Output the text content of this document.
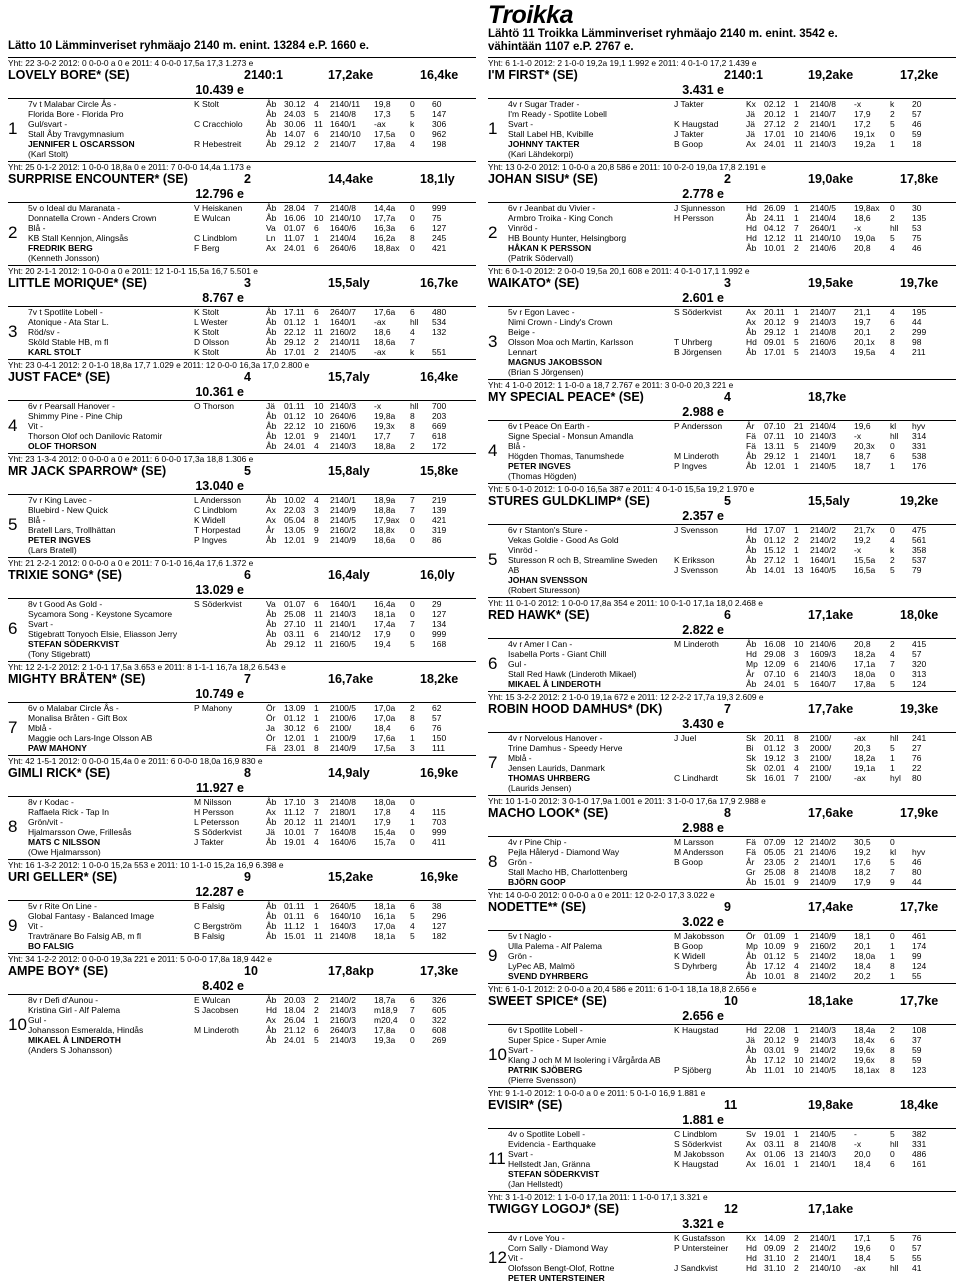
Lätto 10 Lämminveriset ryhmäajo 2140 m. enint. 13284 e.P. 1660 e.
Yht: 22 3-0-2 2012: 0 0-0-0 a 0 e 2011: 4 0-0-0 17,5a 17,3 1.273 e
LOVELY BORE* (SE)	2140:1	17,2ake	16,4ke
10.439 e
1
7v t Malabar Circle Ås -
Florida Bore - Florida Pro
Gul/svart -
Stall Åby Travgymnasium
JENNIFER L OSCARSSON
(Karl Stolt)
K Stolt	Åb 30.12	4	2140/11	19,8	0	60
Åb 24.03	5	2140/8	17,3	5	147
C Cracchiolo	Åb 30.06	11 1640/1	-ax	k	306
Åb 14.07	6	2140/10	17,5a	0	962
R Hebestreit	Åb 29.12	2	2140/7	17,8a	4	198
Yht: 25 0-1-2 2012: 1 0-0-0 18,8a 0 e 2011: 7 0-0-0 14,4a 1.173 e
SURPRISE ENCOUNTER* (SE)	2	14,4ake	18,1ly
12.796 e
2
5v o Ideal du Maranata -
Donnatella Crown - Anders Crown
Blå -
KB Stall Kennjon, Alingsås
FREDRIK BERG
(Kenneth Jonsson)
V Heiskanen	Åb 28.04	7	2140/8	14,4a	0	999
E Wulcan	Åb 16.06	10 2140/10	17,7a	0	75
Va 01.07	6	1640/6	16,3a	6	127
C Lindblom	Ln	11.07	1	2140/4	16,2a	8	245
F Berg	Ax 24.01	6	2640/6	18,8ax	0	421
Yht: 20 2-1-1 2012: 1 0-0-0 a 0 e 2011: 12 1-0-1 15,5a 16,7 5.501 e
LITTLE MORIQUE* (SE)	3	15,5aly	16,7ke
8.767 e
3
7v t Spotlite Lobell -
Atonique - Ata Star L.
Röd/sv -
Sköld Stable HB, m fl
KARL STOLT
K Stolt	Åb 17.11	6	2640/7	17,6a	6	480
L Wester	Åb 01.12	1	1640/1	-ax	hll	534
K Stolt	Åb 22.12	11 2160/2	18,6	4	132
D Olsson	Åb 29.12	2	2140/11	18,6a	7
K Stolt	Åb 17.01	2	2140/5	-ax	k	551
Yht: 23 0-4-1 2012: 2 0-1-0 18,8a 17,7 1.029 e 2011: 12 0-0-0 16,3a 17,0 2.800 e
JUST FACE* (SE)	4	15,7aly	16,4ke
10.361 e
4
6v r Pearsall Hanover -
Shimmy Pine - Pine Chip
Vit -
Thorson Olof och Danilovic Ratomir
OLOF THORSON
O Thorson	Jä	01.11	10 2140/3	-x	hll	700
Åb 01.12	10 2640/6	19,8a	8	203
Åb 22.12	10 2160/6	19,3x	8	669
Åb 12.01	9	2140/1	17,7	7	618
Åb 24.01	4	2140/3	18,8a	2	172
Yht: 23 1-3-4 2012: 0 0-0-0 a 0 e 2011: 6 0-0-0 17,3a 18,8 1.306 e
MR JACK SPARROW* (SE)	5	15,8aly	15,8ke
13.040 e
5
7v r King Lavec -
Bluebird - New Quick
Blå -
Bratell Lars, Trollhättan
PETER INGVES
(Lars Bratell)
L Andersson	Åb 10.02	4	2140/1	18,9a	7	219
C Lindblom	Ax 22.03	3	2140/9	18,8a	7	139
K Widell	Ax 05.04	8	2140/5	17,9ax	0	421
T Horpestad	År	13.05	9	2160/2	18,8x	0	319
P Ingves	Åb 12.01	9	2140/9	18,6a	0	86
Yht: 21 2-2-1 2012: 0 0-0-0 a 0 e 2011: 7 0-1-0 16,4a 17,6 1.372 e
TRIXIE SONG* (SE)	6	16,4aly	16,0ly
13.029 e
6
8v t Good As Gold -
Sycamora Song - Keystone Sycamore
Svart -
Stigebratt Tonyoch Elsie, Eliasson Jerry
STEFAN SÖDERKVIST
(Tony Stigebratt)
S Söderkvist	Va 01.07	6	1640/1	16,4a	0	29
Åb 25.08	11 2140/3	18,1a	0	127
Åb 27.10	11 2140/1	17,4a	7	134
Åb 03.11	6	2140/12	17,9	0	999
Åb 29.12	11 2160/5	19,4	5	168
Yht: 12 2-1-2 2012: 2 1-0-1 17,5a 3.653 e 2011: 8 1-1-1 16,7a 18,2 6.543 e
MIGHTY BRÅTEN* (SE)	7	16,7ake	18,2ke
10.749 e
7
6v o Malabar Circle Ås -
Monalisa Bråten - Gift Box
Mblå -
Maggie och Lars-Inge Olsson AB
PAW MAHONY
P Mahony	Ör	13.09	1	2100/5	17,0a	2	62
Ör	01.12	1	2100/6	17,0a	8	57
Ja	30.12	6	2100/	18,4	6	76
Ör	12.01	1	2100/9	17,6a	1	150
Fä 23.01	8	2140/9	17,5a	3	111
Yht: 42 1-5-1 2012: 0 0-0-0 15,4a 0 e 2011: 6 0-0-0 18,0a 16,9 830 e
GIMLI RICK* (SE)	8	14,9aly	16,9ke
11.927 e
8
8v r Kodac -
Raffaela Rick - Tap In
Grön/vit -
Hjalmarsson Owe, Frillesås
MATS C NILSSON
(Owe Hjalmarsson)
M Nilsson	Åb 17.10	3	2140/8	18,0a	0
H Persson	Ax 11.12	7	2180/1	17,8	4	115
L Petersson	Åb 20.12	11 2140/1	17,9	1	703
S Söderkvist	Jä	10.01	7	1640/8	15,4a	0	999
J Takter	Åb 19.01	4	1640/6	15,7a	0	411
Yht: 16 1-3-2 2012: 1 0-0-0 15,2a 553 e 2011: 10 1-1-0 15,2a 16,9 6.398 e
URI GELLER* (SE)	9	15,2ake	16,9ke
12.287 e
9
5v r Rite On Line -
Global Fantasy - Balanced Image
Vit -
Travtränare Bo Falsig AB, m fl
BO FALSIG
B Falsig	Åb 01.11	1	2640/5	18,1a	6	38
Åb 01.11	6	1640/10	16,1a	5	296
C Bergström	Åb 11.12	1	1640/3	17,0a	4	127
B Falsig	Åb 15.01	11 2140/8	18,1a	5	182
Yht: 34 1-2-2 2012: 0 0-0-0 19,3a 221 e 2011: 5 0-0-0 17,8a 18,9 442 e
AMPE BOY* (SE)	10	17,8akp	17,3ke
8.402 e
10
8v r Defi d'Aunou -
Kristina Girl - Alf Palema
Gul -
Johansson Esmeralda, Hindås
MIKAEL Å LINDEROTH
(Anders S Johansson)
E Wulcan	Åb 20.03	2	2140/2	18,7a	6	326
S Jacobsen	Hd 18.04	2	2140/3	m18,9	7	605
Ax 26.04	1	2160/3	m20,4	0	322
M Linderoth	Åb 21.12	6	2640/3	17,8a	0	608
Åb 24.01	5	2140/3	19,3a	0	269
Troikka
Lähtö 11 Troikka Lämminveriset ryhmäajo 2140 m. enint. 3542 e.
vähintään 1107 e.P. 2767 e.
Yht: 6 1-1-0 2012: 2 1-0-0 19,2a 19,1 1.992 e 2011: 4 0-1-0 17,2 1.439 e
I'M FIRST* (SE)	2140:1	19,2ake	17,2ke
3.431 e
1
4v r Sugar Trader -
I'm Ready - Spotlite Lobell
Svart -
Stall Label HB, Kvibille
JOHNNY TAKTER
(Kari Lähdekorpi)
J Takter	Kx 02.12	1	2140/8	-x	k	20
Jä	20.12	1	2140/7	17,9	2	57
K Haugstad	Jä	27.12	2	2140/1	17,2	5	46
J Takter	Jä	17.01	10 2140/6	19,1x	0	59
B Goop	Ax 24.01	11 2140/3	19,2a	1	18
Yht: 13 0-2-0 2012: 1 0-0-0 a 20,8 586 e 2011: 10 0-2-0 19,0a 17,8 2.191 e
JOHAN SISU* (SE)	2	19,0ake	17,8ke
2.778 e
2
6v r Jeanbat du Vivier -
Armbro Troika - King Conch
Vinröd -
HB Bounty Hunter, Helsingborg
HÅKAN K PERSSON
(Patrik Södervall)
J Sjunnesson	Hd 26.09	1	2140/5	19,8ax	0	30
H Persson	Åb 24.11	1	2140/4	18,6	2	135
Hd 04.12	7	2640/1	-x	hll	53
Hd 12.12	11 2140/10	19,0a	5	75
Åb 10.01	2	2140/6	20,8	4	46
Yht: 6 0-1-0 2012: 2 0-0-0 19,5a 20,1 608 e 2011: 4 0-1-0 17,1 1.992 e
WAIKATO* (SE)	3	19,5ake	19,7ke
2.601 e
3
5v r Egon Lavec -
Nimi Crown - Lindy's Crown
Beige -
Olsson Moa och Martin, Karlsson
Lennart
MAGNUS JAKOBSSON
(Brian S Jörgensen)
S Söderkvist	Ax 20.11	1	2140/7	21,1	4	195
Ax 20.12	9	2140/3	19,7	6	44
Åb 29.12	1	2140/8	20,1	2	299
T Uhrberg	Hd 09.01	5	2160/6	20,1x	8	98
B Jörgensen	Åb 17.01	5	2140/3	19,5a	4	211
Yht: 4 1-0-0 2012: 1 1-0-0 a 18,7 2.767 e 2011: 3 0-0-0 20,3 221 e
MY SPECIAL PEACE* (SE)	4	18,7ke
2.988 e
4
6v t Peace On Earth -
Signe Special - Monsun Amandla
Blå -
Högden Thomas, Tanumshede
PETER INGVES
(Thomas Högden)
P Andersson	År	07.10	21 2140/4	19,6	kl	hyv
Fä 07.11	10 2140/3	-x	hll	314
Fä 13.11	5	2140/9	20,3x	0	331
M Linderoth	Åb 29.12	1	2140/1	18,7	6	538
P Ingves	Åb 12.01	1	2140/5	18,7	1	176
Yht: 5 0-1-0 2012: 1 0-0-0 16,5a 387 e 2011: 4 0-1-0 15,5a 19,2 1.970 e
STURES GULDKLIMP* (SE)	5	15,5aly	19,2ke
2.357 e
5
6v r Stanton's Sture -
Vekas Goldie - Good As Gold
Vinröd -
Sturesson R och B, Streamline Sweden
AB
JOHAN SVENSSON
(Robert Sturesson)
J Svensson	Hd 17.07	1	2140/2	21,7x	0	475
Åb 01.12	2	2140/2	19,2	4	561
Åb 15.12	1	2140/2	-x	k	358
K Eriksson	Åb 27.12	1	1640/1	15,5a	2	537
J Svensson	Åb 14.01	13 1640/5	16,5a	5	79
Yht: 11 0-1-0 2012: 1 0-0-0 17,8a 354 e 2011: 10 0-1-0 17,1a 18,0 2.468 e
RED HAWK* (SE)	6	17,1ake	18,0ke
2.822 e
6
4v r Amer I Can -
Isabella Ports - Giant Chill
Gul -
Stall Red Hawk (Linderoth Mikael)
MIKAEL Å LINDEROTH
M Linderoth	Åb 16.08	10 2140/6	20,8	2	415
Hd 29.08	3	1609/3	18,2a	4	57
Mp 12.09	6	2140/6	17,1a	7	320
År	07.10	6	2140/3	18,0a	0	313
Åb 24.01	5	1640/7	17,8a	5	124
Yht: 15 3-2-2 2012: 2 1-0-0 19,1a 672 e 2011: 12 2-2-2 17,7a 19,3 2.609 e
ROBIN HOOD DAMHUS* (DK)	7	17,7ake	19,3ke
3.430 e
7
4v r Norvelous Hanover -
Trine Damhus - Speedy Herve
Mblå -
Jensen Laurids, Danmark
THOMAS UHRBERG
(Laurids Jensen)
J Juel	Sk 20.11	8	2100/	-ax	hll	241
Bi	01.12	3	2000/	20,3	5	27
Sk 19.12	3	2100/	18,2a	1	76
Sk 02.01	4	2100/	19,1a	1	22
C Lindhardt	Sk 16.01	7	2100/	-ax	hyl	80
Yht: 10 1-1-0 2012: 3 0-1-0 17,9a 1.001 e 2011: 3 1-0-0 17,6a 17,9 2.988 e
MACHO LOOK* (SE)	8	17,6ake	17,9ke
2.988 e
8
4v r Pine Chip -
Pejla Håleryd - Diamond Way
Grön -
Stall Macho HB, Charlottenberg
BJÖRN GOOP
M Larsson	Fä 07.09	12 2140/2	30,5	0
M Andersson	Fä 05.05	21 2140/6	19,2	kl	hyv
B Goop	År	23.05	2	2140/1	17,6	5	46
Gr	25.08	8	2140/8	18,2	7	80
Åb 15.01	9	2140/9	17,9	9	44
Yht: 14 0-0-0 2012: 0 0-0-0 a 0 e 2011: 12 0-2-0 17,3 3.022 e
NODETTE** (SE)	9	17,4ake	17,7ke
3.022 e
9
5v t Naglo -
Ulla Palema - Alf Palema
Grön -
LyPec AB, Malmö
SVEND DYHRBERG
M Jakobsson	Ör	01.09	1	2140/9	18,1	0	461
B Goop	Mp 10.09	9	2160/2	20,1	1	174
K Widell	Åb 01.12	5	2140/2	18,0a	1	99
S Dyhrberg	Åb 17.12	4	2140/2	18,4	8	124
Åb 10.01	8	2140/2	20,2	1	55
Yht: 6 1-0-1 2012: 2 0-0-0 a 20,4 586 e 2011: 6 1-0-1 18,1a 18,8 2.656 e
SWEET SPICE* (SE)	10	18,1ake	17,7ke
2.656 e
10
6v t Spotlite Lobell -
Super Spice - Super Arnie
Svart -
Klang J och M M Isolering i Vårgårda AB
PATRIK SJÖBERG
(Pierre Svensson)
K Haugstad	Hd 22.08	1	2140/3	18,4a	2	108
Jä	20.12	9	2140/3	18,4x	6	37
Åb 03.01	9	2140/2	19,6x	8	59
Åb 17.12	10 2140/2	19,6x	8	59
P Sjöberg	Åb 11.01	10 2140/5	18,1ax	8	123
Yht: 9 1-1-0 2012: 1 0-0-0 a 0 e 2011: 5 0-1-0 16,9 1.881 e
EVISIR* (SE)	11	19,8ake	18,4ke
1.881 e
11
4v o Spotlite Lobell -
Evidencia - Earthquake
Svart -
Hellstedt Jan, Gränna
STEFAN SÖDERKVIST
(Jan Hellstedt)
C Lindblom	Sv 19.01	1	2140/5	-	5	382
S Söderkvist	Ax 03.11	8	2140/8	-x	hll	331
M Jakobsson	Ax 01.06	13 2140/3	20,0	0	486
K Haugstad	Ax 16.01	1	2140/1	18,4	6	161
Yht: 3 1-1-0 2012: 1 1-0-0 17,1a 2011: 1 1-0-0 17,1 3.321 e
TWIGGY LOGOJ* (SE)	12	17,1ake
3.321 e
12
4v r Love You -
Corn Sally - Diamond Way
Vit -
Olofsson Bengt-Olof, Rottne
PETER UNTERSTEINER
K Gustafsson	Kx 14.09	2	2140/1	17,1	5	76
P Untersteiner	Hd 09.09	2	2140/2	19,6	0	57
Hd 31.10	2	2140/1	18,4	5	55
J Sandkvist	Hd 31.10	2	2140/10	-ax	hll	41
